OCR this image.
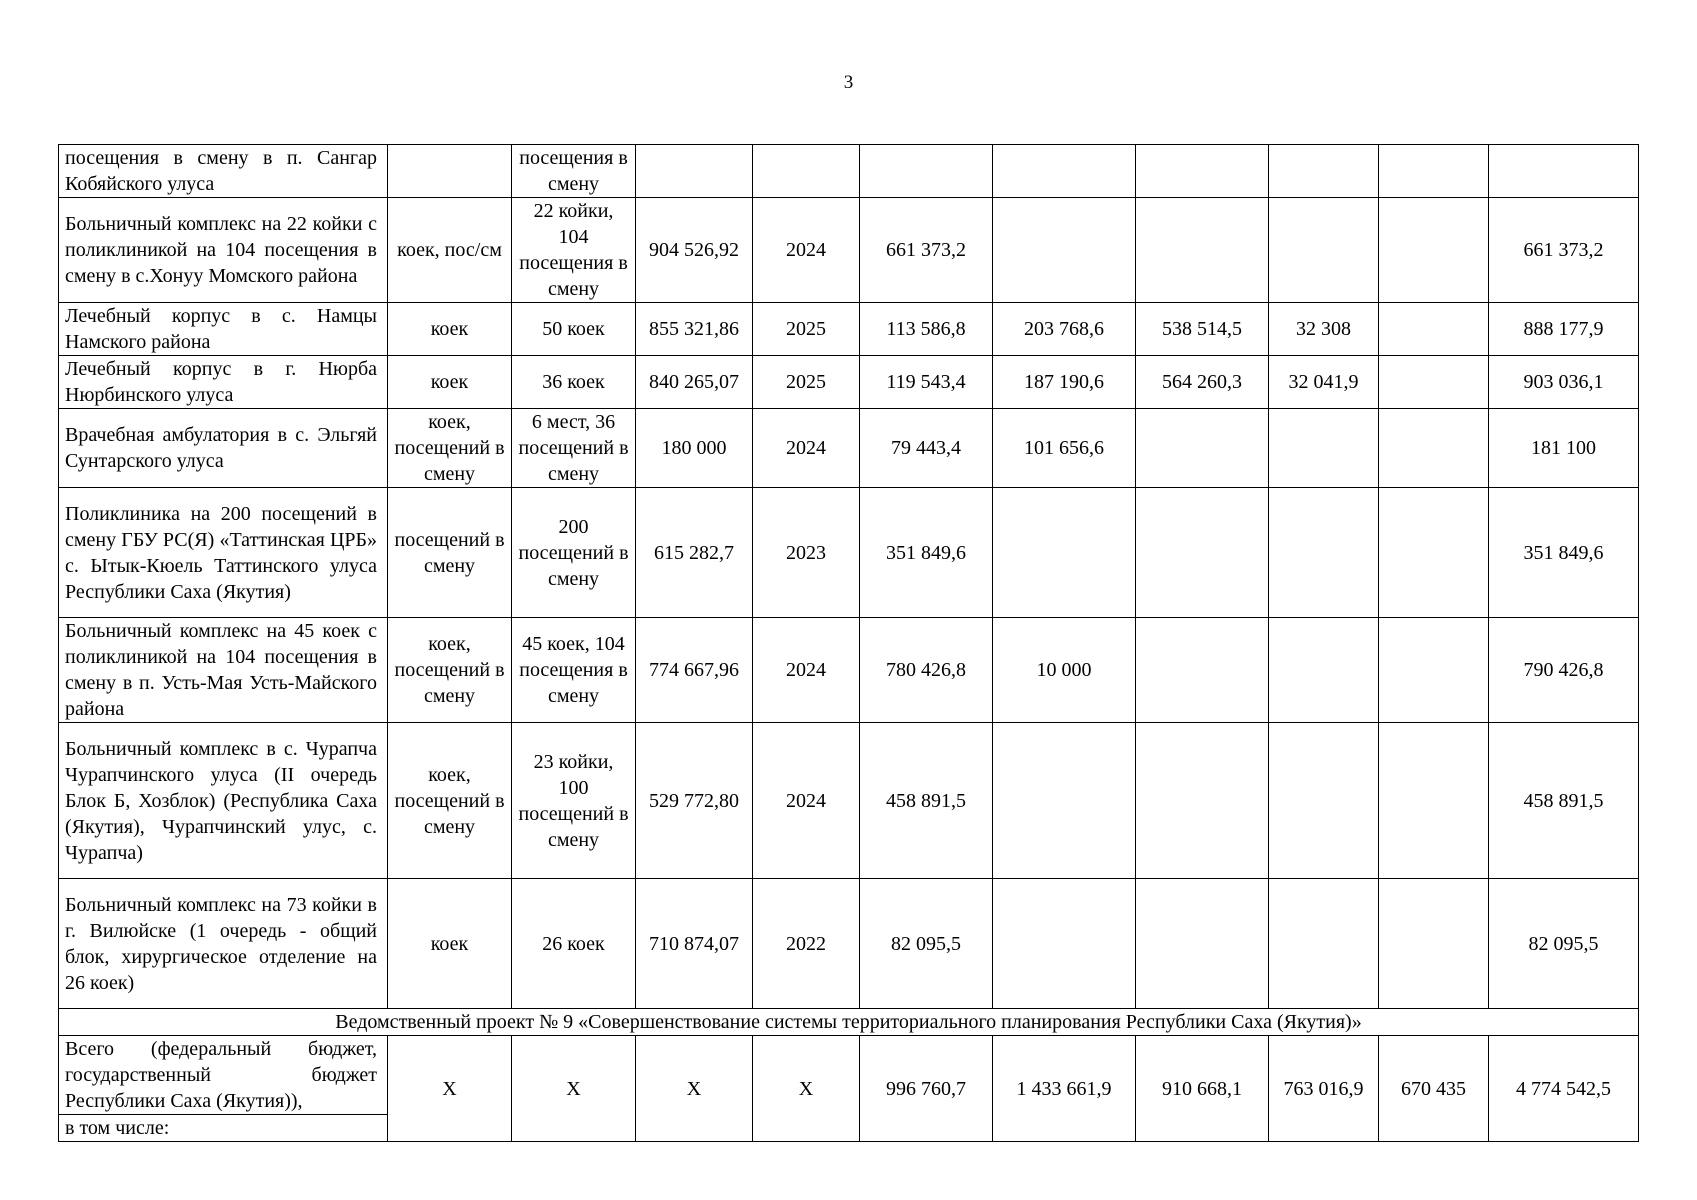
3
посещения в смену в п. Сангар Кобяйского улуса		посещения в смену								
Больничный комплекс на 22 койки с поликлиникой на 104 посещения в смену в с.Хонуу Момского района	коек, пос/см	22 койки, 104 посещения в смену	904 526,92	2024	661 373,2					661 373,2
Лечебный корпус в с. Намцы Намского района	коек	50 коек	855 321,86	2025	113 586,8	203 768,6	538 514,5	32 308		888 177,9
Лечебный корпус в г. Нюрба Нюрбинского улуса	коек	36 коек	840 265,07	2025	119 543,4	187 190,6	564 260,3	32 041,9		903 036,1
Врачебная амбулатория в с. Эльгяй Сунтарского улуса	коек, посещений в смену	6 мест, 36 посещений в смену	180 000	2024	79 443,4	101 656,6				181 100
Поликлиника на 200 посещений в смену ГБУ РС(Я) «Таттинская ЦРБ» с. Ытык-Кюель Таттинского улуса Республики Саха (Якутия)	посещений в смену	200 посещений в смену	615 282,7	2023	351 849,6					351 849,6
Больничный комплекс на 45 коек с поликлиникой на 104 посещения в смену в п. Усть-Мая Усть-Майского района	коек, посещений в смену	45 коек, 104 посещения в смену	774 667,96	2024	780 426,8	10 000				790 426,8
Больничный комплекс в с. Чурапча Чурапчинского улуса (II очередь Блок Б, Хозблок) (Республика Саха (Якутия), Чурапчинский улус, с. Чурапча)	коек, посещений в смену	23 койки, 100 посещений в смену	529 772,80	2024	458 891,5					458 891,5
Больничный комплекс на 73 койки в г. Вилюйске (1 очередь - общий блок, хирургическое отделение на 26 коек)	коек	26 коек	710 874,07	2022	82 095,5					82 095,5
Ведомственный проект № 9 «Совершенствование системы территориального планирования Республики Саха (Якутия)»										
Всего (федеральный бюджет, государственный бюджет Республики Саха (Якутия)),	Х	Х	Х	Х	996 760,7	1 433 661,9	910 668,1	763 016,9	670 435	4 774 542,5
в том числе:										
